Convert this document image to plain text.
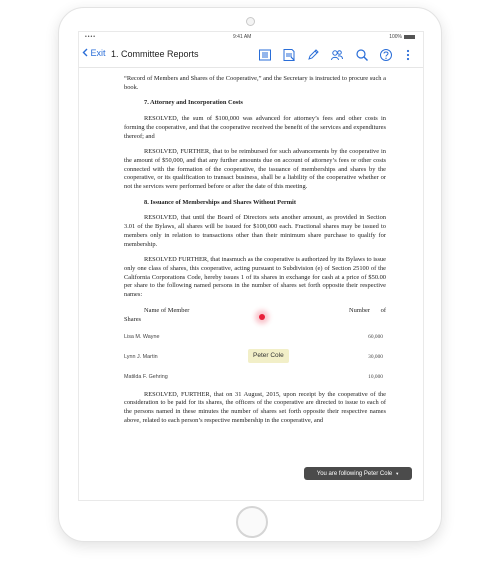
••••	9:41 AM	100%
Exit 1. Committee Reports

“Record of Members and Shares of the Cooperative,” and the Secretary is instructed to procure such a book.

7. Attorney and Incorporation Costs

RESOLVED, the sum of $100,000 was advanced for attorney’s fees and other costs in forming the cooperative, and that the cooperative received the benefit of the services and expenditures thereof; and

RESOLVED, FURTHER, that to be reimbursed for such advancements by the cooperative in the amount of $50,000, and that any further amounts due on account of attorney’s fees or other costs connected with the formation of the cooperative, the issuance of memberships and shares by the cooperative, or its qualification to transact business, shall be a liability of the cooperative whether or not the services were performed before or after the date of this meeting.

8. Issuance of Memberships and Shares Without Permit

RESOLVED, that until the Board of Directors sets another amount, as provided in Section 3.01 of the Bylaws, all shares will be issued for $100,000 each. Fractional shares may be issued to members only in relation to transactions other than their minimum share purchase to qualify for membership.

RESOLVED FURTHER, that inasmuch as the cooperative is authorized by its Bylaws to issue only one class of shares, this cooperative, acting pursuant to Subdivision (e) of Section 25100 of the California Corporations Code, hereby issues 1 of its shares in exchange for cash at a price of $50.00 per share to the following named persons in the number of shares set forth opposite their respective names:

Name of Member	Number of
Shares
Lisa M. Wayne	60,000
Lynn J. Martin	Peter Cole	30,000
Matilda F. Gehring	10,000

RESOLVED, FURTHER, that on 31 August, 2015, upon receipt by the cooperative of the consideration to be paid for its shares, the officers of the cooperative are directed to issue to each of the persons named in these minutes the number of shares set forth opposite their respective names above, related to each person’s respective membership in the cooperative, and

You are following Peter Cole ▼
